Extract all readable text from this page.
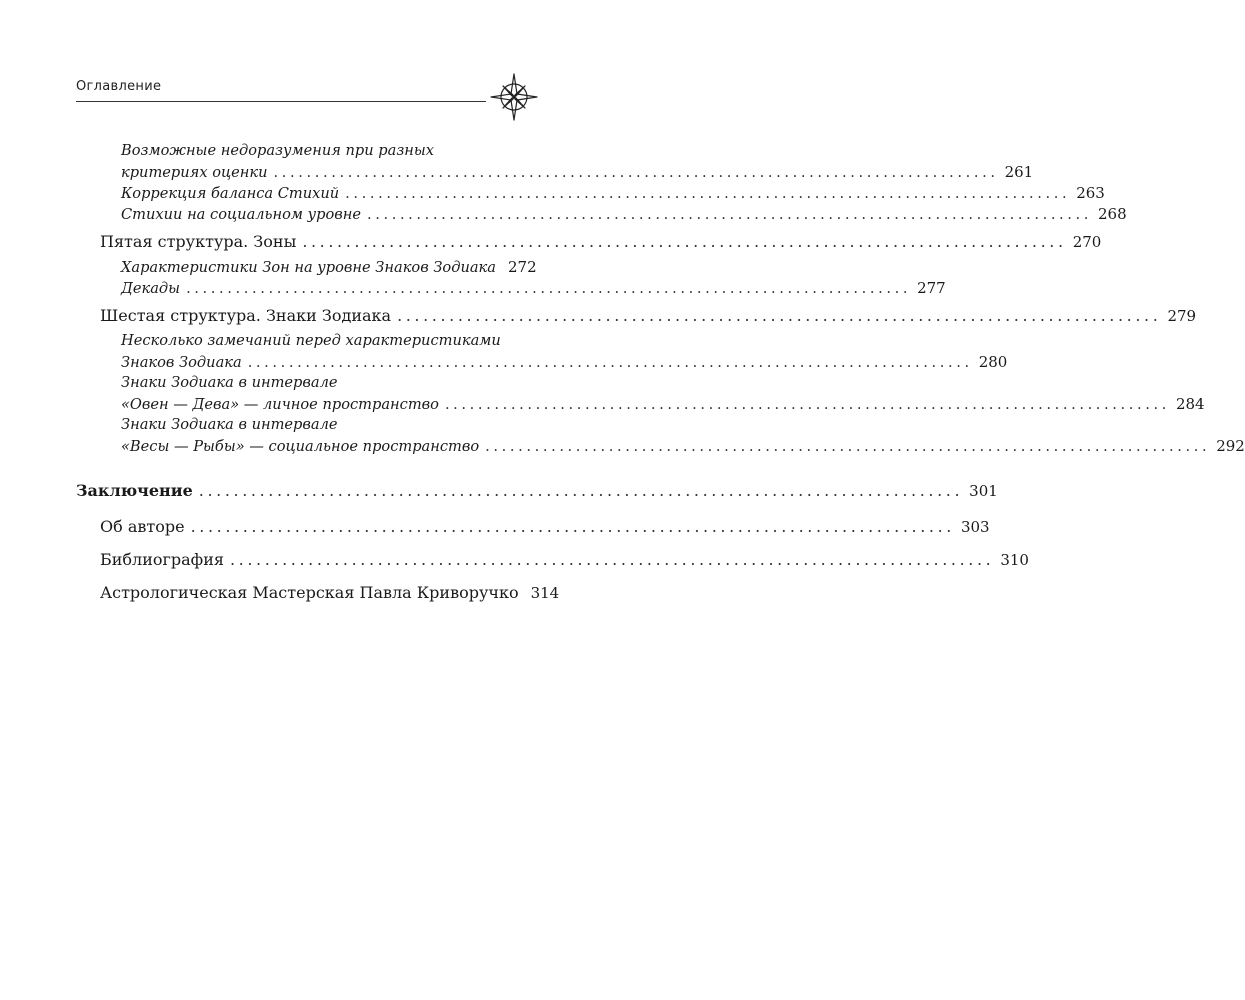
Оглавление
Возможные недоразумения при разных
критериях оценки ........................................................................................ 261
Коррекция баланса Стихий ........................................................................................ 263
Стихии на социальном уровне ........................................................................................ 268
Пятая структура. Зоны ........................................................................................ 270
Характеристики Зон на уровне Знаков Зодиака 272
Декады ........................................................................................ 277
Шестая структура. Знаки Зодиака ........................................................................................ 279
Несколько замечаний перед характеристиками
Знаков Зодиака ........................................................................................ 280
Знаки Зодиака в интервале
«Овен — Дева» — личное пространство ........................................................................................ 284
Знаки Зодиака в интервале
«Весы — Рыбы» — социальное пространство ........................................................................................ 292
Заключение ........................................................................................ 301
Об авторе ........................................................................................ 303
Библиография ........................................................................................ 310
Астрологическая Мастерская Павла Криворучко 314
